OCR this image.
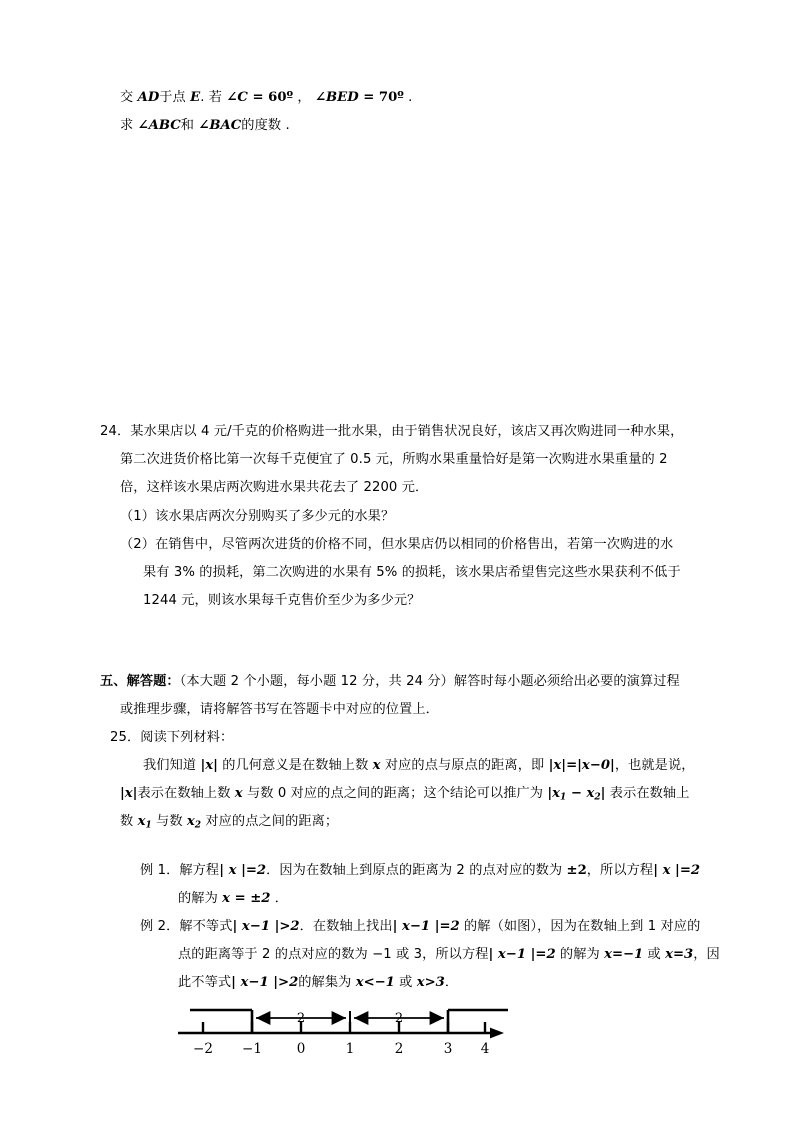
交 AD于点 E. 若 ∠C = 60º ， ∠BED = 70º .
求 ∠ABC和 ∠BAC的度数 .
24．某水果店以 4 元/千克的价格购进一批水果，由于销售状况良好，该店又再次购进同一种水果，
第二次进货价格比第一次每千克便宜了 0.5 元，所购水果重量恰好是第一次购进水果重量的 2
倍，这样该水果店两次购进水果共花去了 2200 元．
（1）该水果店两次分别购买了多少元的水果？
（2）在销售中，尽管两次进货的价格不同，但水果店仍以相同的价格售出，若第一次购进的水
果有 3% 的损耗，第二次购进的水果有 5% 的损耗，该水果店希望售完这些水果获利不低于
1244 元，则该水果每千克售价至少为多少元？
五、解答题：（本大题 2 个小题，每小题 12 分，共 24 分）解答时每小题必须给出必要的演算过程
或推理步骤，请将解答书写在答题卡中对应的位置上．
25．阅读下列材料：
我们知道 |x| 的几何意义是在数轴上数 x 对应的点与原点的距离，即 |x|=|x−0|，也就是说，
|x|表示在数轴上数 x 与数 0 对应的点之间的距离；这个结论可以推广为 $|x_1 - x_2|$ 表示在数轴上
数 $x_1$ 与数 $x_2$ 对应的点之间的距离；
例 1．解方程| x |=2．因为在数轴上到原点的距离为 2 的点对应的数为 ±2，所以方程| x |=2
的解为 x = ±2 ．
例 2．解不等式| x−1 |>2．在数轴上找出| x−1 |=2 的解（如图），因为在数轴上到 1 对应的
点的距离等于 2 的点对应的数为 −1 或 3，所以方程| x−1 |=2 的解为 x=−1 或 x=3，因
此不等式| x−1 |>2的解集为 x<−1 或 x>3．
2	2
−2 −1	0	1	2	3 4
